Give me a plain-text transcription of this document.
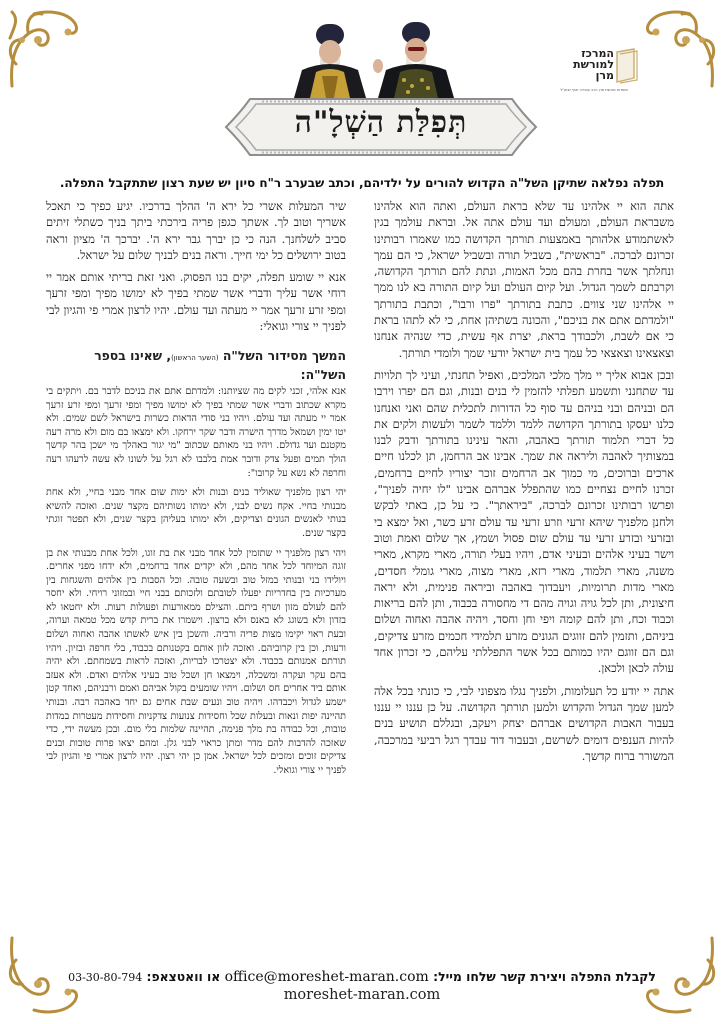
המרכז
למורשת
מרן
מוסדות מורשת מרן הרב עובדיה יוסף זצוק"ל
תְּפִלַּת הַשְׁלָ"ה
תפלה נפלאה שתיקן השל"ה הקדוש להורים על ילדיהם, וכתב שבערב ר"ח סיון יש שעת רצון שתתקבל התפלה.

אתה הוא יי אלהינו עד שלא בראת העולם, ואתה הוא אלהינו משבראת העולם, ומעולם ועד עולם אתה אל. ובראת עולמך בגין לאשתמודע אלהותך באמצעות תורתך הקדושה כמו שאמרו רבותינו זכרונם לברכה. "בראשית", בשביל תורה ובשביל ישראל, כי הם עמך ונחלתך אשר בחרת בהם מכל האמות, ונתת להם תורתך הקדושה, וקרבתם לשמך הגדול. ועל קיום העולם ועל קיום התורה בא לנו ממך יי אלהינו שני צווים. כתבת בתורתך "פרו ורבו", וכתבת בתורתך "ולמדתם אתם את בניכם", והכונה בשתיהן אחת, כי לא לתהו בראת כי אם לשבת, ולכבודך בראת, יצרת אף עשית, כדי שנהיה אנחנו וצאצאינו וצאצאי כל עמך בית ישראל יודעי שמך ולומדי תורתך.

ובכן אבוא אליך יי מלך מלכי המלכים, ואפיל תחנתי, ועיני לך תלויות עד שתחנני ותשמע תפלתי להזמין לי בנים ובנות, וגם הם יפרו וירבו הם ובניהם ובני בניהם עד סוף כל הדורות לתכלית שהם ואני ואנחנו כלנו יעסקו בתורתך הקדושה ללמד וללמד לשמר ולעשות ולקים את כל דברי תלמוד תורתך באהבה, והאר עינינו בתורתך ודבק לבנו במצותיך לאהבה וליראה את שמך. אבינו אב הרחמן, תן לכלנו חיים ארכים וברוכים, מי כמוך אב הרחמים זוכר יצוריו לחיים ברחמים, זכרנו לחיים נצחיים כמו שהתפלל אברהם אבינו "לו יחיה לפניך", ופרשו רבותינו זכרונם לברכה, "ביראתך". כי על כן, באתי לבקש ולחנן מלפניך שיהא זרעי וזרע זרעי עד עולם זרע כשר, ואל ימצא בי ובזרעי ובזרע זרעי עד עולם שום פסול ושמץ, אך שלום ואמת וטוב וישר בעיני אלהים ובעיני אדם, ויהיו בעלי תורה, מארי מקרא, מארי משנה, מארי תלמוד, מארי רזא, מארי מצוה, מארי גומלי חסדים, מארי מדות תרומיות, ויעבדוך באהבה וביראה פנימית, ולא יראה חיצונית, ותן לכל גויה וגויה מהם די מחסורה בכבוד, ותן להם בריאות וכבוד וכח, ותן להם קומה ויפי וחן וחסד, ויהיה אהבה ואחוה ושלום ביניהם, ותזמין להם זווגים הגונים מזרע תלמידי חכמים מזרע צדיקים, וגם הם זווגם יהיו כמותם בכל אשר התפללתי עליהם, כי זכרון אחד עולה לכאן ולכאן.

אתה יי יודע כל תעלומות, ולפניך נגלו מצפוני לבי, כי כונתי בכל אלה למען שמך הגדול והקדוש ולמען תורתך הקדושה. על כן עננו יי עננו בעבור האבות הקדושים אברהם יצחק ויעקב, ובגללם תושיע בנים להיות הענפים דומים לשרשם, ובעבור דוד עבדך רגל רביעי במרכבה, המשורר ברוח קדשך.

שיר המעלות אשרי כל ירא ה' ההלך בדרכיו. יגיע כפיך כי תאכל אשריך וטוב לך. אשתך כגפן פריה בירכתי ביתך בניך כשתלי זיתים סביב לשלחנך. הנה כי כן יברך גבר ירא ה'. יברכך ה' מציון וראה בטוב ירושלים כל ימי חייך. וראה בנים לבניך שלום על ישראל.

אנא יי שומע תפלה, יקים בנו הפסוק. ואני זאת בריתי אותם אמר יי רוחי אשר עליך ודברי אשר שמתי בפיך לא ימושו מפיך ומפי זרעך ומפי זרע זרעך אמר יי מעתה ועד עולם. יהיו לרצון אמרי פי והגיון לבי לפניך יי צורי וגואלי:

המשך מסידור השל"ה (השער הראשון), שאינו בספר השל"ה:

אנא אלהי, זכני לקים מה שציותנו: ולמדתם אתם את בניכם לדבר בם. ויתקים בי מקרא שכתוב ודברי אשר שמתי בפיך לא ימושו מפיך ומפי זרעך ומפי זרע זרעך אמר יי מעתה ועד עולם. ויהיו בני סודי הדאות כשרות בישראל לשם שמים. ולא יטו ימין ושמאל מדרך הישרה ודבר שקר ירחקו. ולא ימצאו בם מום ולא מרה רעה מקטנם ועד גדולם. ויהיו בני מאותם שכתוב "מי יגור באהלך מי ישכן בהר קדשך הולך תמים ופעל צדק ודובר אמת בלבבו לא רגל על לשונו לא עשה לרעהו רעה וחרפה לא נשא על קרובו":

יהי רצון מלפניך שאוליד בנים ובנות ולא ימות שום אחד מבני בחיי, ולא אחת מבנותי בחיי. אקח נשים לבני, ולא ימותו נשותיהם מקצר שנים. ואזכה להשיא בנותי לאנשים הגונים וצדיקים, ולא ימותו בעליהן בקצר שנים, ולא תפטר זוגתי בקצר שנים.

ויהי רצון מלפניך יי שתזמין לכל אחד מבני את בת זוגו, ולכל אחת מבנותי את בן זוגה המיוחד לכל אחד מהם, ולא יקדים אחד ברחמים, ולא ידחו מפני אחרים. ויולידו בני ובנותי במזל טוב ובשעה טובה. וכל הסבות בין אלהים והשגחות בין מערכיות בין בחדריות יפעלו לטובתם ולזכותם בבני חיי ובמזוני רויחי. ולא יחסר להם לעולם מזון ושרף ביתם. והצילם ממאורעות ופעולות רעות. ולא יחטאו לא בזדון ולא בשוגג לא באנס ולא ברצון. וישמרו את ברית קדש מכל טמאה וערוה, ובעת ראוי יקימו מצות פריה ורביה. והשכן בין איש לאשתו אהבה ואחוה ושלום ורעות, וכן בין קרוביהם. ואזכה לזון אותם בקטנותם בכבוד, בלי חרפה ובזיון. ויהיו תורתם אמנותם בכבוד. ולא יצטרכו לבריות, ואזכה לראות בשמחתם. ולא יהיה בהם עקר ועקרה ומשכלה, וימצאו חן ושכל טוב בעיני אלהים ואדם. ולא אעזב אותם ביד אחרים חס ושלום. ויהיו שומעים בקול אביהם ואמם ורבניהם, ואחד קטן ישמע לגדול ויכבדהו. ויהיה טוב ונעים שבת אחים גם יחד באהבה רבה. ובנותי תהיינה יפות ונאות ובעלות שכל וחסידות צנועות צדקניות וחסידות מעטרות במדות טובות, וכל כבודה בת מלך פנימה, תהיינה שלמות בלי מום. ובכן מעשה ידי, כדי שאזכה להדבות להם מדר ומתן כראוי לבני גלן. ומהם יצאו פרות טובות ובנים צדיקים זוכים ומזכים לכל ישראל. אמן כן יהי רצון. יהיו לרצון אמרי פי והגיון לבי לפניך יי צורי וגואלי.

לקבלת התפלה ויצירת קשר שלחו מייל: office@moreshet-maran.com או וואטצאפ: 03-30-80-794
moreshet-maran.com
